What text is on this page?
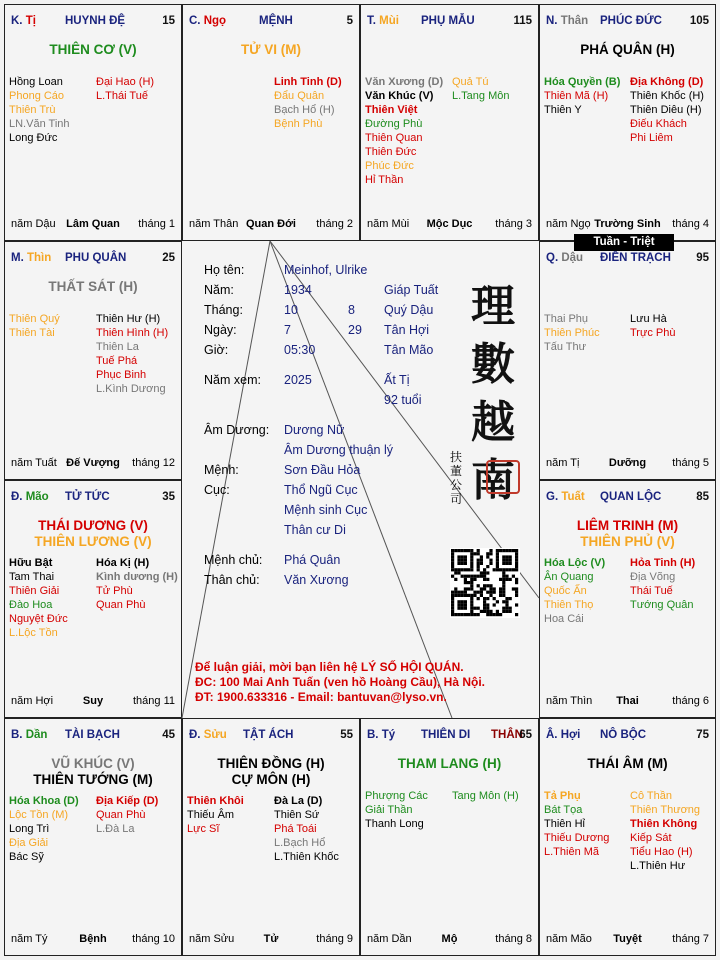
K. Tị	HUYNH ĐỆ	15
THIÊN CƠ (V)
Hồng Loan
Phong Cáo
Thiên Trù
LN.Văn Tinh
Long Đức
Đại Hao (H)
L.Thái Tuế
năm Dậu Lâm Quan tháng 1
C. Ngọ	MỆNH	5
TỬ VI (M)
Linh Tinh (D)
Đẩu Quân
Bạch Hổ (H)
Bệnh Phù
năm Thân Quan Đới tháng 2
T. Mùi PHỤ MẪU	115
Văn Xương (D)
Văn Khúc (V)
Thiên Việt
Đường Phù
Thiên Quan
Thiên Đức
Phúc Đức
Hỉ Thần
Quả Tú
L.Tang Môn
năm Mùi Mộc Dục tháng 3
N. Thân PHÚC ĐỨC 105
PHÁ QUÂN (H)
Hóa Quyền (B)
Thiên Mã (H)
Thiên Y
Địa Không (D)
Thiên Khốc (H)
Thiên Diêu (H)
Điếu Khách
Phi Liêm
năm Ngọ Trường Sinh tháng 4
M. Thìn PHU QUÂN	25
THẤT SÁT (H)
Thiên Quý
Thiên Tài
Thiên Hư (H)
Thiên Hình (H)
Thiên La
Tuế Phá
Phục Binh
L.Kình Dương
năm Tuất Đế Vượng tháng 12
Q. Dậu ĐIỀN TRẠCH 95
Thai Phụ
Thiên Phúc
Tấu Thư
Lưu Hà
Trực Phù
năm Tị	Dưỡng tháng 5
Đ. Mão TỬ TỨC	35
THÁI DƯƠNG (V)
THIÊN LƯƠNG (V)
Hữu Bật
Tam Thai
Thiên Giải
Đào Hoa
Nguyệt Đức
L.Lộc Tồn
Hóa Kị (H)
Kình dương (H)
Tử Phù
Quan Phù
năm Hợi	Suy	tháng 11
G. Tuất QUAN LỘC	85
LIÊM TRINH (M)
THIÊN PHỦ (V)
Hóa Lộc (V)
Ân Quang
Quốc Ấn
Thiên Thọ
Hoa Cái
Hỏa Tinh (H)
Địa Võng
Thái Tuế
Tướng Quân
năm Thìn Thai	tháng 6
B. Dần TÀI BẠCH	45
VŨ KHÚC (V)
THIÊN TƯỚNG (M)
Hóa Khoa (D)
Lộc Tồn (M)
Long Trì
Địa Giải
Bác Sỹ
Địa Kiếp (D)
Quan Phù
L.Đà La
năm Tý	Bệnh tháng 10
Đ. Sửu TẬT ÁCH	55
THIÊN ĐỒNG (H)
CỰ MÔN (H)
Thiên Khôi
Thiếu Âm
Lực Sĩ
Đà La (D)
Thiên Sứ
Phá Toái
L.Bạch Hổ
L.Thiên Khốc
năm Sửu	Tử	tháng 9
B. Tý THIÊN DI THÂN
65
THAM LANG (H)
Phượng Các
Giải Thần
Thanh Long
Tang Môn (H)
năm Dần	Mộ	tháng 8
Â. Hợi NÔ BỘC	75
THÁI ÂM (M)
Tả Phụ
Bát Tọa
Thiên Hỉ
Thiếu Dương
L.Thiên Mã
Cô Thần
Thiên Thương
Thiên Không
Kiếp Sát
Tiểu Hao (H)
L.Thiên Hư
năm Mão Tuyệt	tháng 7
Họ tên:	Meinhof, Ulrike
Năm:	1934	Giáp Tuất
Tháng:	10	8 Quý Dậu
Ngày:	7	29 Tân Hợi
Giờ:	05:30	Tân Mão
Năm xem: 2025	Ất Tị
92 tuổi
Âm Dương: Dương Nữ
Âm Dương thuận lý
Mệnh:	Sơn Đầu Hỏa
Cục:	Thổ Ngũ Cục
Mệnh sinh Cục
Thân cư Di
Mệnh chủ: Phá Quân
Thân chủ: Văn Xương
理
數
越
南
扶董公司
Để luận giải, mời bạn liên hệ LÝ SỐ HỘI QUÁN.
ĐC: 100 Mai Anh Tuấn (ven hồ Hoàng Cầu), Hà Nội.
ĐT: 1900.633316 - Email: bantuvan@lyso.vn.
Tuần - Triệt
